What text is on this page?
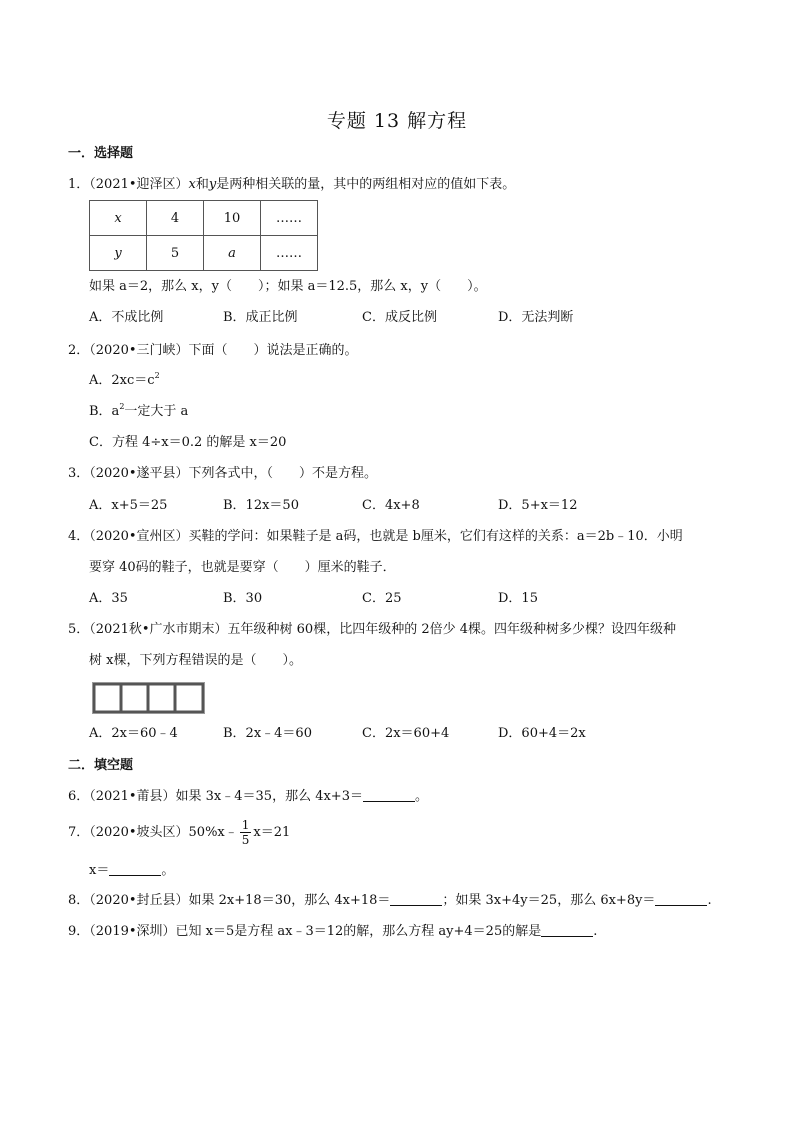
专题 13 解方程
一．选择题
1．（2021•迎泽区）x和y是两种相关联的量，其中的两组相对应的值如下表。
x	4	10	……
y	5	a	……
如果 a＝2，那么 x，y（　　）；如果 a＝12.5，那么 x，y（　　）。
A．不成比例	B．成正比例	C．成反比例	D．无法判断
2．（2020•三门峡）下面（　　）说法是正确的。
A．$2xc=c^2$
B．$a^2$一定大于 a
C．方程 4÷x＝0.2 的解是 x＝20
3．（2020•遂平县）下列各式中，（　　）不是方程。
A．x+5＝25	B．12x＝50	C．4x+8	D．5+x＝12
4．（2020•宣州区）买鞋的学问：如果鞋子是 a码，也就是 b厘米，它们有这样的关系：a＝2b﹣10．小明
要穿 40码的鞋子，也就是要穿（　　）厘米的鞋子．
A．35	B．30	C．25	D．15
5．（2021秋•广水市期末）五年级种树 60棵，比四年级种的 2倍少 4棵。四年级种树多少棵？设四年级种
树 x棵，下列方程错误的是（　　）。
A．2x＝60﹣4	B．2x﹣4＝60	C．2x＝60+4	D．60+4＝2x
二．填空题
6．（2021•莆县）如果 3x﹣4＝35，那么 4x+3＝	。
7．（2020•坡头区）50%x﹣ $\frac{1}{5} x=21$
x＝	。
8．（2020•封丘县）如果 2x+18＝30，那么 4x+18＝	；如果 3x+4y＝25，那么 6x+8y＝	.
9．（2019•深圳）已知 x＝5是方程 ax﹣3＝12的解，那么方程 ay+4＝25的解是	.
